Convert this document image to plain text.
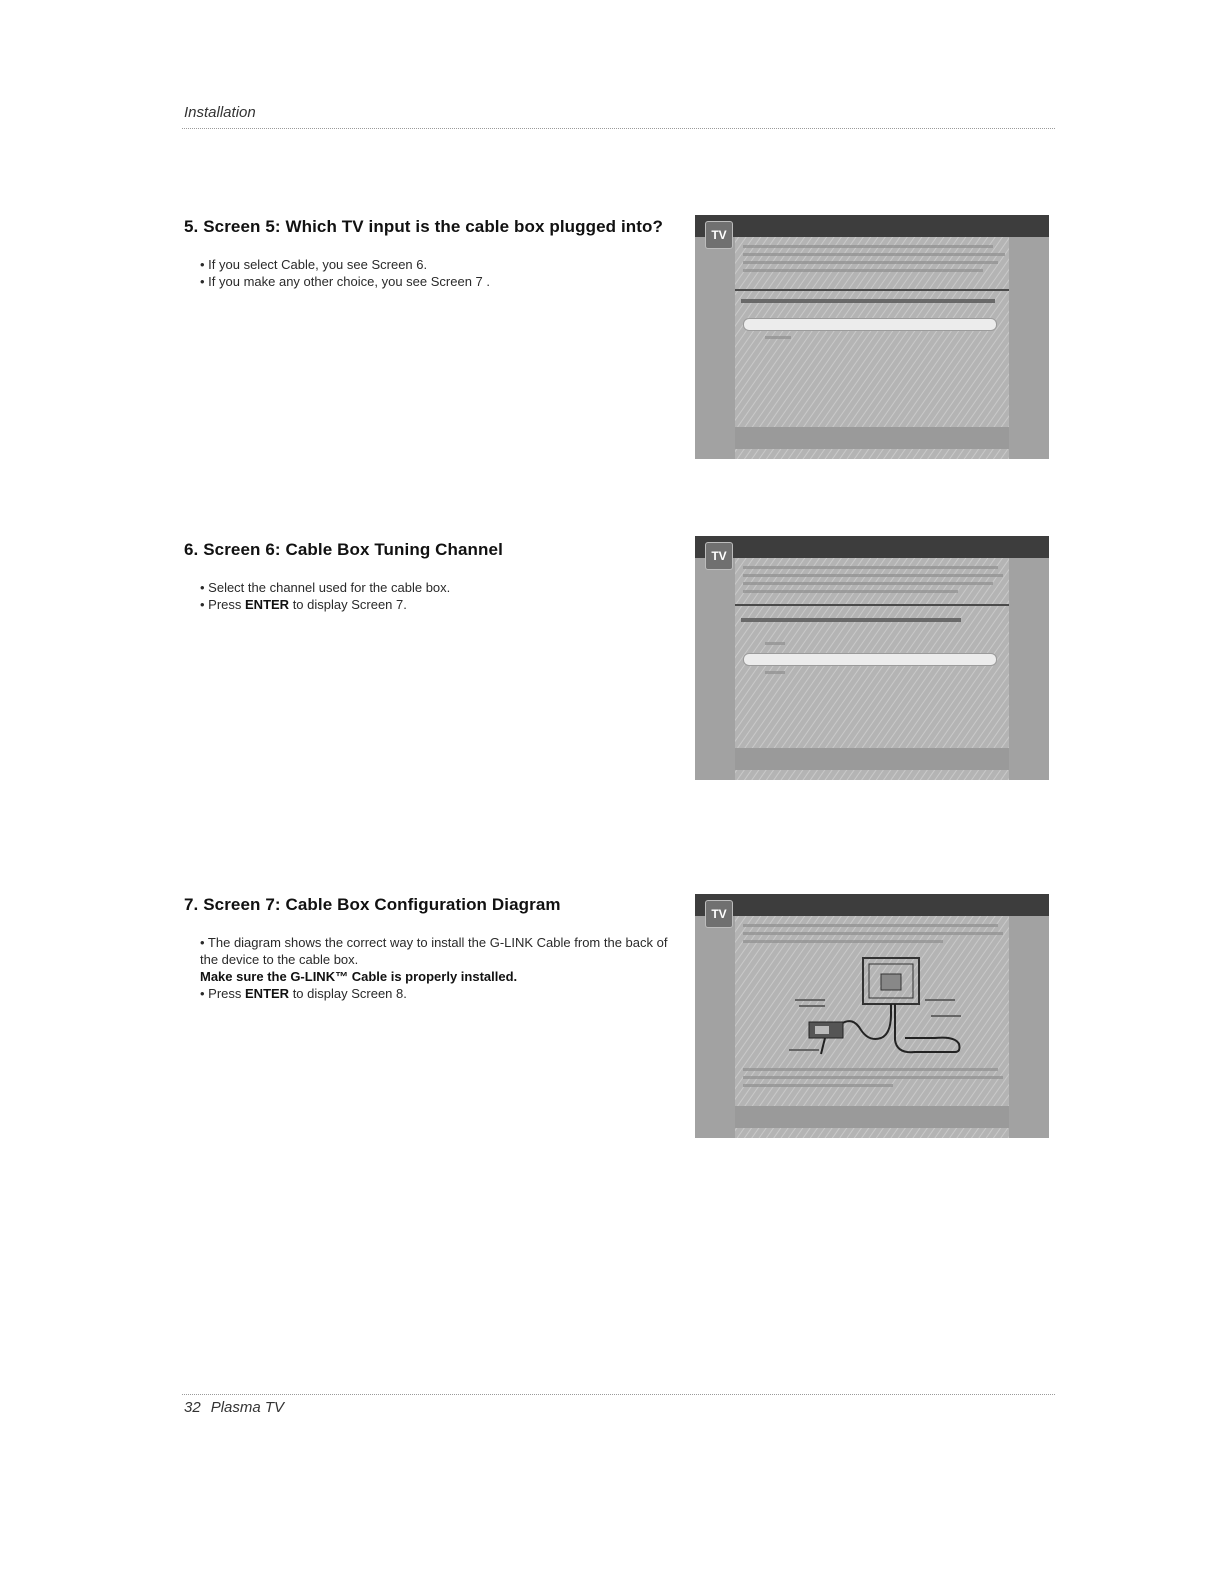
Installation
5. Screen 5: Which TV input is the cable box plugged into?

• If you select Cable, you see Screen 6.

• If you make any other choice, you see Screen 7 .

TV
6. Screen 6: Cable Box Tuning Channel

• Select the channel used for the cable box.

• Press ENTER to display Screen 7.

TV
7. Screen 7: Cable Box Configuration Diagram

• The diagram shows the correct way to install the G-LINK Cable from the back of the device to the cable box.

Make sure the G-LINK™ Cable is properly installed.

• Press ENTER to display Screen 8.

TV
32 Plasma TV
